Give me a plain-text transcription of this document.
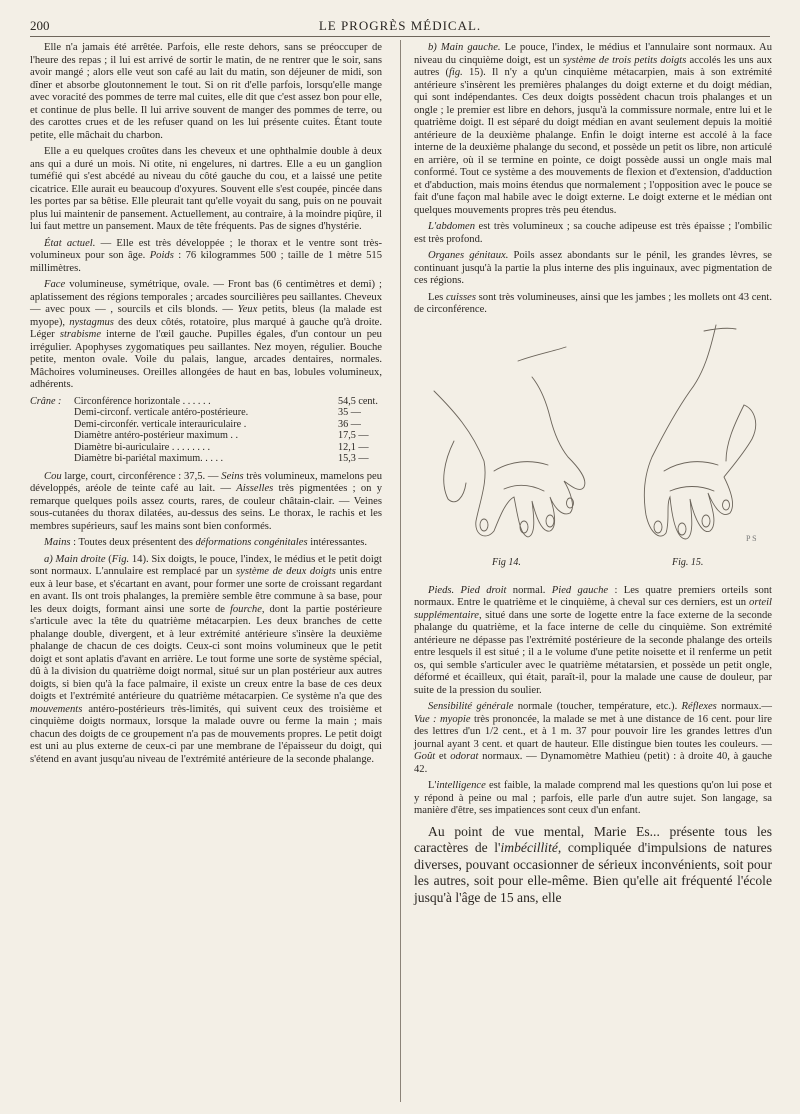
200	LE PROGRÈS MÉDICAL.

Elle n'a jamais été arrêtée. Parfois, elle reste dehors, sans se préoccuper de l'heure des repas ; il lui est arrivé de sortir le matin, de ne rentrer que le soir, sans avoir mangé ; alors elle veut son café au lait du matin, son déjeuner de midi, son dîner et absorbe gloutonnement le tout. Si on rit d'elle parfois, lorsqu'elle mange avec voracité des pommes de terre mal cuites, elle dit que c'est assez bon pour elle, et continue de plus belle. Il lui arrive souvent de manger des pommes de terre, ou des carottes crues et de les refuser quand on les lui présente cuites. Étant toute petite, elle mâchait du charbon.

Elle a eu quelques croûtes dans les cheveux et une ophthalmie double à deux ans qui a duré un mois. Ni otite, ni engelures, ni dartres. Elle a eu un ganglion tuméfié qui s'est abcédé au niveau du côté gauche du cou, et a laissé une petite cicatrice. Elle aurait eu beaucoup d'oxyures. Souvent elle s'est coupée, pincée dans les portes par sa bêtise. Elle pleurait tant qu'elle voyait du sang, puis on ne pouvait plus lui maintenir de pansement. Actuellement, au contraire, à la moindre piqûre, il lui faut mettre un pansement. Maux de tête fréquents. Pas de signes d'hystérie.

État actuel. — Elle est très développée ; le thorax et le ventre sont très-volumineux pour son âge. Poids : 76 kilogrammes 500 ; taille de 1 mètre 515 millimètres.

Face volumineuse, symétrique, ovale. — Front bas (6 centimètres et demi) ; aplatissement des régions temporales ; arcades sourcilières peu saillantes. Cheveux — avec poux — , sourcils et cils blonds. — Yeux petits, bleus (la malade est myope), nystagmus des deux côtés, rotatoire, plus marqué à gauche qu'à droite. Léger strabisme interne de l'œil gauche. Pupilles égales, d'un contour un peu irrégulier. Apophyses zygomatiques peu saillantes. Nez moyen, régulier. Bouche petite, menton ovale. Voile du palais, langue, arcades dentaires, normales. Mâchoires volumineuses. Oreilles allongées de haut en bas, lobules volumineux, adhérents.

Crâne :	Circonférence horizontale . . . . . .	54,5 cent.
	Demi-circonf. verticale antéro-postérieure.	35 —
	Demi-circonfér. verticale interauriculaire .	36 —
	Diamètre antéro-postérieur maximum . .	17,5 —
	Diamètre bi-auriculaire . . . . . . . .	12,1 —
	Diamètre bi-pariétal maximum. . . . .	15,3 —

Cou large, court, circonférence : 37,5. — Seins très volumineux, mamelons peu développés, aréole de teinte café au lait. — Aisselles très pigmentées ; on y remarque quelques poils assez courts, rares, de couleur châtain-clair. — Veines sous-cutanées du thorax dilatées, au-dessus des seins. Le thorax, le rachis et les membres supérieurs, sauf les mains sont bien conformés.

Mains : Toutes deux présentent des déformations congénitales intéressantes.

a) Main droite (Fig. 14). Six doigts, le pouce, l'index, le médius et le petit doigt sont normaux. L'annulaire est remplacé par un système de deux doigts unis entre eux à leur base, et s'écartant en avant, pour former une sorte de croissant regardant en avant. Ils ont trois phalanges, la première semble être commune à sa base, pour les deux doigts, formant ainsi une sorte de fourche, dont la partie postérieure s'articule avec la tête du quatrième métacarpien. Les deux branches de cette phalange double, divergent, et à leur extrémité antérieure s'insère la deuxième phalange de chacun de ces doigts. Ceux-ci sont moins volumineux que le petit doigt et sont aplatis d'avant en arrière. Le tout forme une sorte de système spécial, dû à la division du quatrième doigt normal, situé sur un plan postérieur aux autres doigts, si bien qu'à la face palmaire, il existe un creux entre la base de ces deux doigts et l'extrémité antérieure du quatrième métacarpien. Ce système n'a que des mouvements antéro-postérieurs très-limités, qui suivent ceux des troisième et cinquième doigts normaux, lorsque la malade ouvre ou ferme la main ; mais chacun des doigts de ce groupement n'a pas de mouvements propres. Le petit doigt est uni au plus externe de ceux-ci par une membrane de l'épaisseur du doigt, qui s'étend en avant jusqu'au niveau de l'extrémité antérieure de la seconde phalange.

b) Main gauche. Le pouce, l'index, le médius et l'annulaire sont normaux. Au niveau du cinquième doigt, est un système de trois petits doigts accolés les uns aux autres (fig. 15). Il n'y a qu'un cinquième métacarpien, mais à son extrémité antérieure s'insèrent les premières phalanges du doigt externe et du doigt médian, qui sont indépendantes. Ces deux doigts possèdent chacun trois phalanges et un ongle ; le premier est libre en dehors, jusqu'à la commissure normale, entre lui et le quatrième doigt. Il est séparé du doigt médian en avant seulement depuis la moitié antérieure de la deuxième phalange. Enfin le doigt interne est accolé à la face interne de la deuxième phalange du second, et possède un petit os libre, non articulé en arrière, où il se termine en pointe, ce doigt possède aussi un ongle mais mal conformé. Tout ce système a des mouvements de flexion et d'extension, d'adduction et d'abduction, mais moins étendus que normalement ; l'opposition avec le pouce se fait d'une façon mal habile avec le doigt externe. Le doigt externe et le médian ont quelques mouvements propres très peu étendus.

L'abdomen est très volumineux ; sa couche adipeuse est très épaisse ; l'ombilic est très profond.

Organes génitaux. Poils assez abondants sur le pénil, les grandes lèvres, se continuant jusqu'à la partie la plus interne des plis inguinaux, avec pigmentation de ces régions.

Les cuisses sont très volumineuses, ainsi que les jambes ; les mollets ont 43 cent. de circonférence.

Fig 14.	Fig. 15.
P S

Pieds. Pied droit normal. Pied gauche : Les quatre premiers orteils sont normaux. Entre le quatrième et le cinquième, à cheval sur ces derniers, est un orteil supplémentaire, situé dans une sorte de logette entre la face externe de la seconde phalange du quatrième, et la face interne de celle du cinquième. Son extrémité antérieure ne dépasse pas l'extrémité postérieure de la seconde phalange des orteils entre lesquels il est situé ; il a le volume d'une petite noisette et il renferme un petit os, qui semble s'articuler avec le quatrième métatarsien, et possède un petit ongle, déformé et écailleux, qui était, paraît-il, pour la malade une cause de douleur, par suite de la pression du soulier.

Sensibilité générale normale (toucher, température, etc.). Réflexes normaux.— Vue : myopie très prononcée, la malade se met à une distance de 16 cent. pour lire des lettres d'un 1/2 cent., et à 1 m. 37 pour pouvoir lire les grandes lettres d'un journal ayant 3 cent. et quart de hauteur. Elle distingue bien toutes les couleurs. — Goût et odorat normaux. — Dynamomètre Mathieu (petit) : à droite 40, à gauche 42.

L'intelligence est faible, la malade comprend mal les questions qu'on lui pose et y répond à peine ou mal ; parfois, elle parle d'un autre sujet. Son langage, sa manière d'être, ses impatiences sont ceux d'un enfant.

Au point de vue mental, Marie Es... présente tous les caractères de l'imbécillité, compliquée d'impulsions de natures diverses, pouvant occasionner de sérieux inconvénients, soit pour les autres, soit pour elle-même. Bien qu'elle ait fréquenté l'école jusqu'à l'âge de 15 ans, elle
